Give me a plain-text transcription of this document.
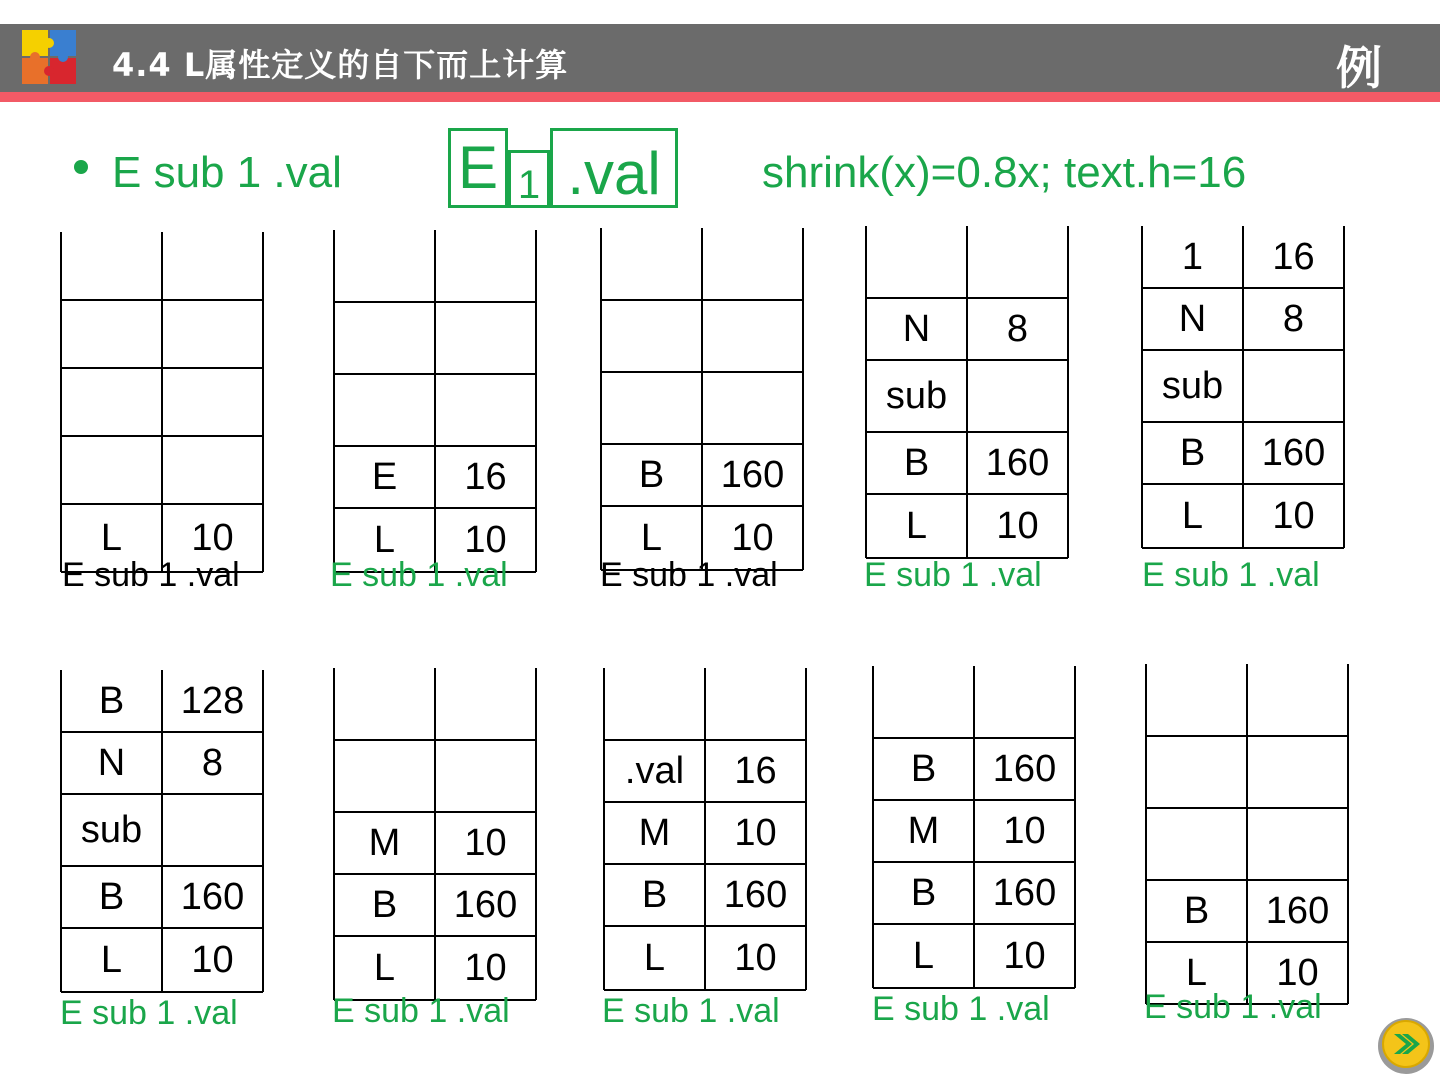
4.4 L属性定义的自下而上计算	例
E sub 1 .val E 1 .val	shrink(x)=0.8x; text.h=16
L	10
E	16
L	10
B	160
L	10
N	8
sub
B	160
L	10
1	16
N	8
sub
B	160
L	10
B	128
N	8
sub
B	160
L	10
M	10
B	160
L	10
.val	16
M	10
B	160
L	10
B	160
M	10
B	160
L	10
B	160
L	10
E sub 1 .val	E sub 1 .val	E sub 1 .val	E sub 1 .val	E sub 1 .val
E sub 1 .val	E sub 1 .val	E sub 1 .val	E sub 1 .val	E sub 1 .val
